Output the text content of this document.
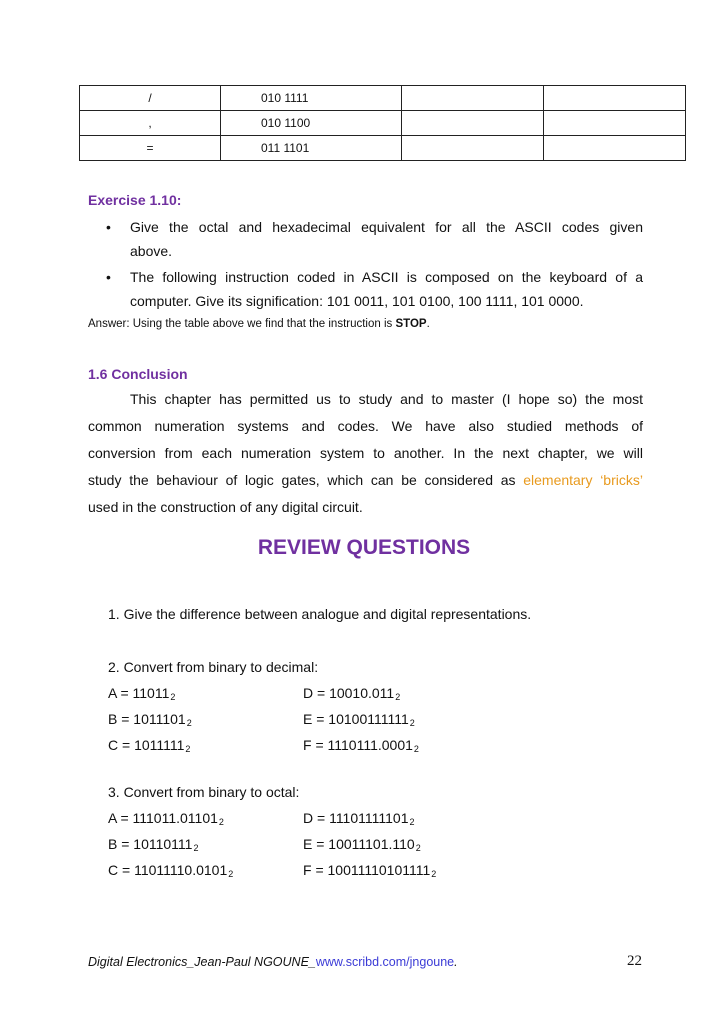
/	010 1111		
,	010 1100		
=	011 1101		
Exercise 1.10:
• Give the octal and hexadecimal equivalent for all the ASCII codes given
above.
• The following instruction coded in ASCII is composed on the keyboard of a
computer. Give its signification: 101 0011, 101 0100, 100 1111, 101 0000.
Answer: Using the table above we find that the instruction is STOP.
1.6 Conclusion
This chapter has permitted us to study and to master (I hope so) the most
common numeration systems and codes. We have also studied methods of
conversion from each numeration system to another. In the next chapter, we will
study the behaviour of logic gates, which can be considered as elementary ‘bricks’
used in the construction of any digital circuit.
REVIEW QUESTIONS
1. Give the difference between analogue and digital representations.
2. Convert from binary to decimal:
$A = 11011_2$	$D = 10010.011_2$
$B = 1011101_2$	$E = 10100111111_2$
$C = 1011111_2$	$F = 1110111.0001_2$
3. Convert from binary to octal:
$A = 111011.01101_2$	$D = 11101111101_2$
$B = 10110111_2$	$E = 10011101.110_2$
$C = 11011110.0101_2$	$F = 10011110101111_2$
Digital Electronics_Jean-Paul NGOUNE_www.scribd.com/jngoune.	22
